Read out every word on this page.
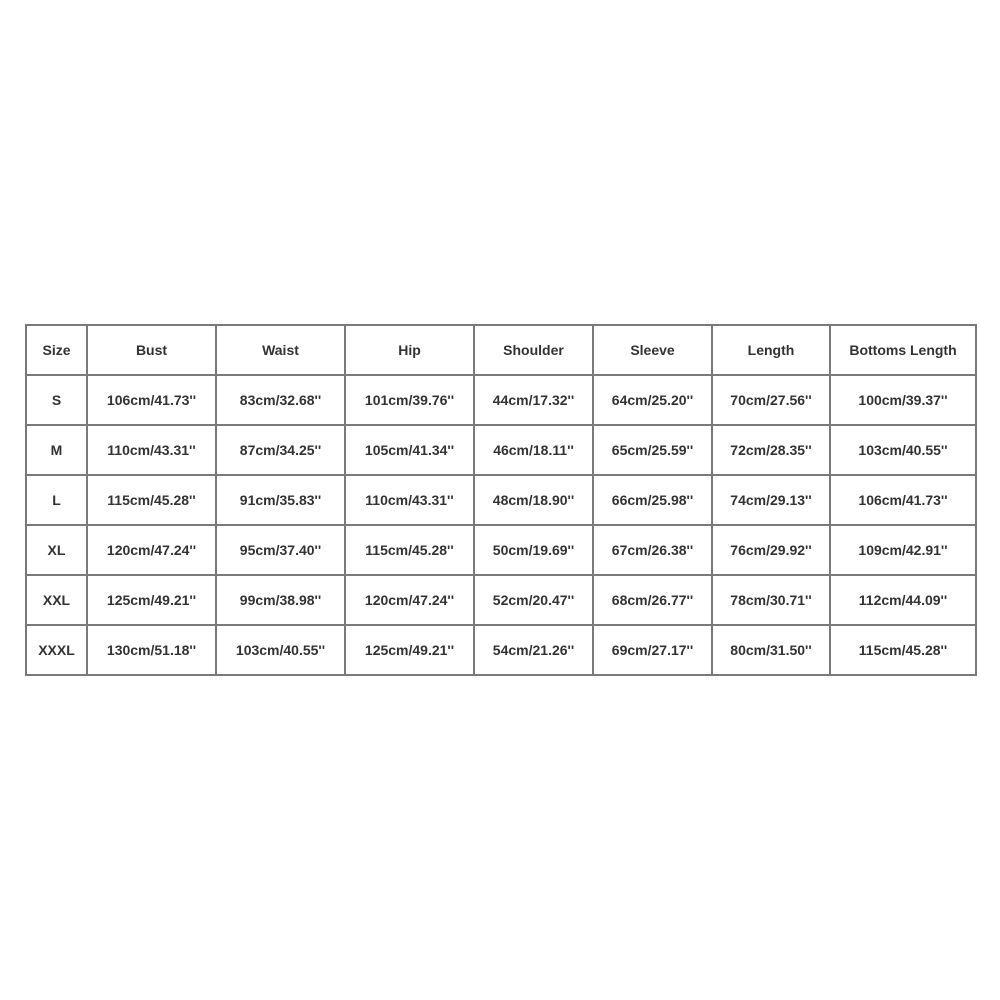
Size	Bust	Waist	Hip	Shoulder	Sleeve	Length	Bottoms Length
S	106cm/41.73''	83cm/32.68''	101cm/39.76''	44cm/17.32''	64cm/25.20''	70cm/27.56''	100cm/39.37''
M	110cm/43.31''	87cm/34.25''	105cm/41.34''	46cm/18.11''	65cm/25.59''	72cm/28.35''	103cm/40.55''
L	115cm/45.28''	91cm/35.83''	110cm/43.31''	48cm/18.90''	66cm/25.98''	74cm/29.13''	106cm/41.73''
XL	120cm/47.24''	95cm/37.40''	115cm/45.28''	50cm/19.69''	67cm/26.38''	76cm/29.92''	109cm/42.91''
XXL	125cm/49.21''	99cm/38.98''	120cm/47.24''	52cm/20.47''	68cm/26.77''	78cm/30.71''	112cm/44.09''
XXXL	130cm/51.18''	103cm/40.55''	125cm/49.21''	54cm/21.26''	69cm/27.17''	80cm/31.50''	115cm/45.28''
